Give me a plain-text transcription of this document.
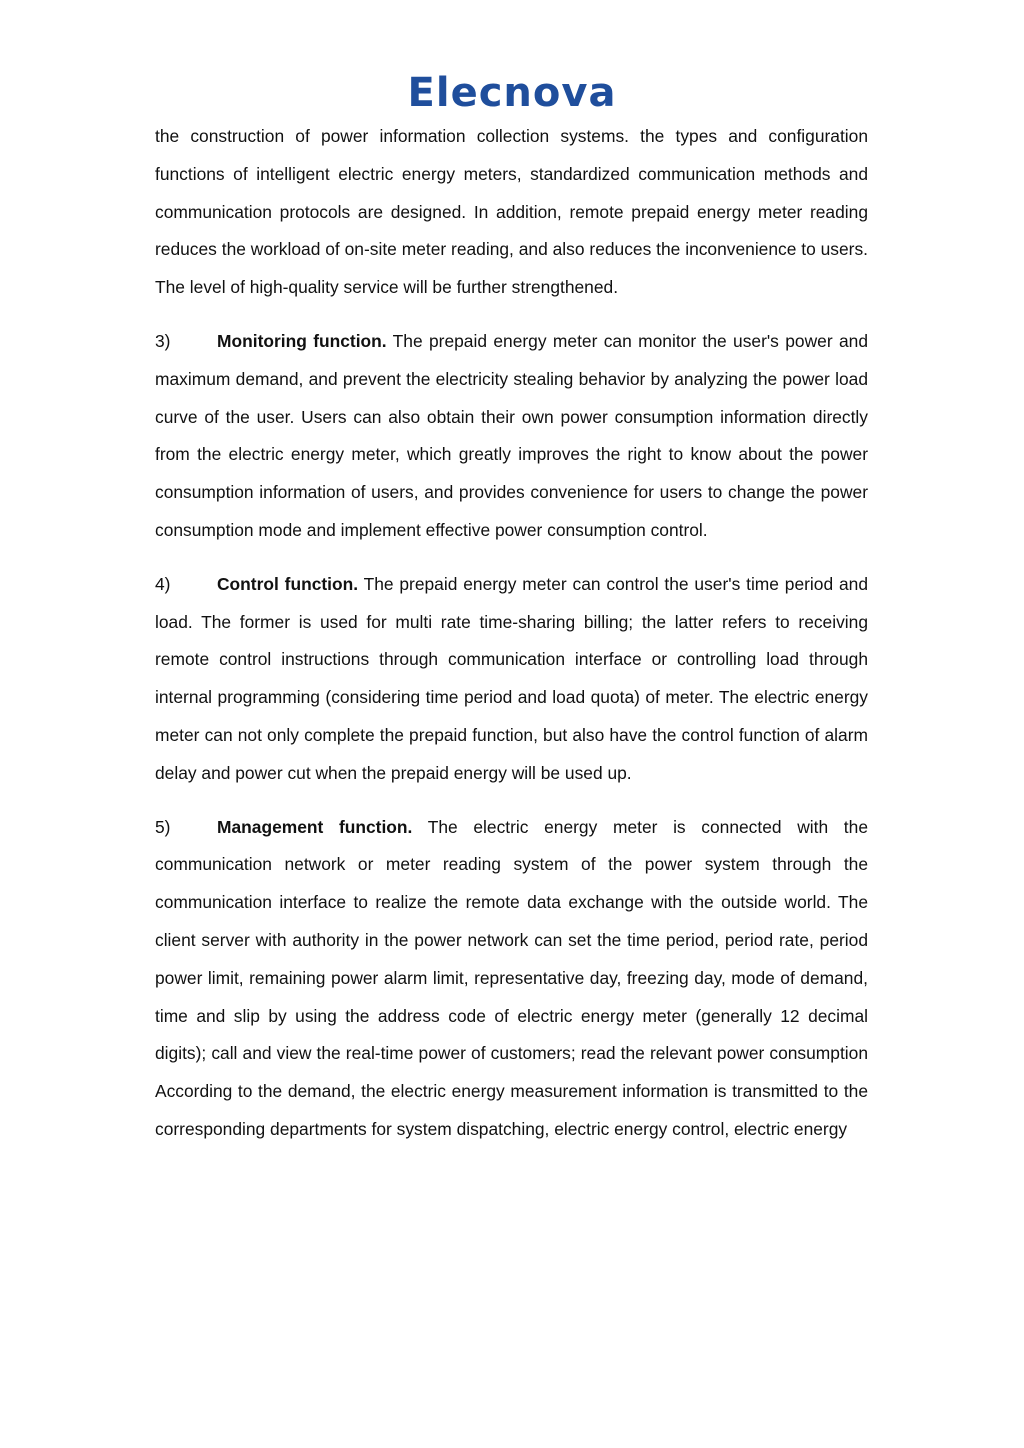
Elecnova

the construction of power information collection systems. the types and configuration functions of intelligent electric energy meters, standardized communication methods and communication protocols are designed. In addition, remote prepaid energy meter reading reduces the workload of on-site meter reading, and also reduces the inconvenience to users. The level of high-quality service will be further strengthened.

3)	Monitoring function. The prepaid energy meter can monitor the user's power and maximum demand, and prevent the electricity stealing behavior by analyzing the power load curve of the user. Users can also obtain their own power consumption information directly from the electric energy meter, which greatly improves the right to know about the power consumption information of users, and provides convenience for users to change the power consumption mode and implement effective power consumption control.

4)	Control function. The prepaid energy meter can control the user's time period and load. The former is used for multi rate time-sharing billing; the latter refers to receiving remote control instructions through communication interface or controlling load through internal programming (considering time period and load quota) of meter. The electric energy meter can not only complete the prepaid function, but also have the control function of alarm delay and power cut when the prepaid energy will be used up.

5)	Management function. The electric energy meter is connected with the communication network or meter reading system of the power system through the communication interface to realize the remote data exchange with the outside world. The client server with authority in the power network can set the time period, period rate, period power limit, remaining power alarm limit, representative day, freezing day, mode of demand, time and slip by using the address code of electric energy meter (generally 12 decimal digits); call and view the real-time power of customers; read the relevant power consumption According to the demand, the electric energy measurement information is transmitted to the corresponding departments for system dispatching, electric energy control, electric energy
